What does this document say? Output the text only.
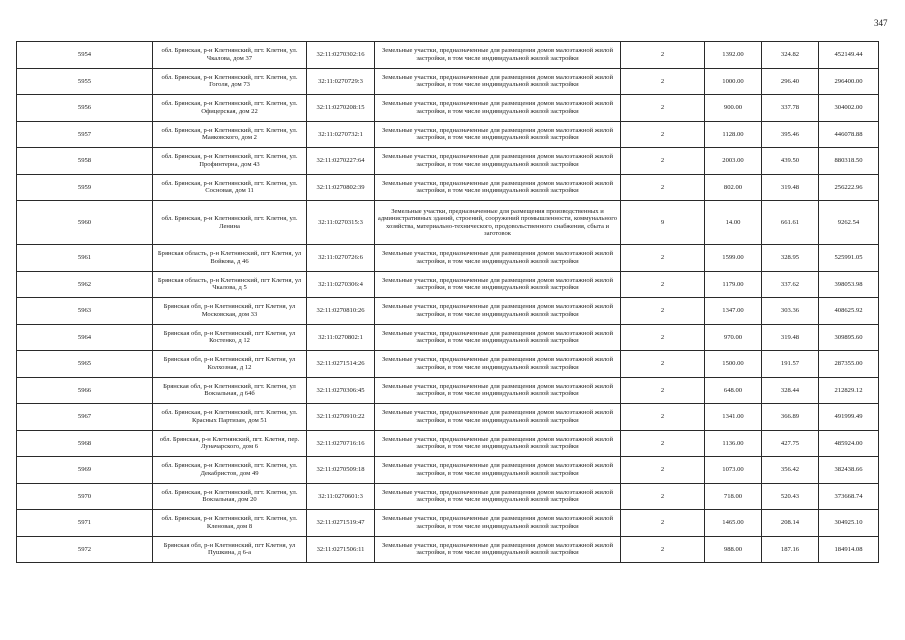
347
5954	обл. Брянская, р-н Клетнянский, пгт. Клетня, ул. Чкалова, дом 37	32:11:0270302:16	Земельные участки, предназначенные для размещения домов малоэтажной жилой застройки, в том числе индивидуальной жилой застройки	2	1392.00	324.82	452149.44
5955	обл. Брянская, р-н Клетнянский, пгт. Клетня, ул. Гоголя, дом 73	32:11:0270729:3	Земельные участки, предназначенные для размещения домов малоэтажной жилой застройки, в том числе индивидуальной жилой застройки	2	1000.00	296.40	296400.00
5956	обл. Брянская, р-н Клетнянский, пгт. Клетня, ул. Офицерская, дом 22	32:11:0270208:15	Земельные участки, предназначенные для размещения домов малоэтажной жилой застройки, в том числе индивидуальной жилой застройки	2	900.00	337.78	304002.00
5957	обл. Брянская, р-н Клетнянский, пгт. Клетня, ул. Маяковского, дом 2	32:11:0270732:1	Земельные участки, предназначенные для размещения домов малоэтажной жилой застройки, в том числе индивидуальной жилой застройки	2	1128.00	395.46	446078.88
5958	обл. Брянская, р-н Клетнянский, пгт. Клетня, ул. Профинтерна, дом 43	32:11:0270227:64	Земельные участки, предназначенные для размещения домов малоэтажной жилой застройки, в том числе индивидуальной жилой застройки	2	2003.00	439.50	880318.50
5959	обл. Брянская, р-н Клетнянский, пгт. Клетня, ул. Сосновая, дом 11	32:11:0270802:39	Земельные участки, предназначенные для размещения домов малоэтажной жилой застройки, в том числе индивидуальной жилой застройки	2	802.00	319.48	256222.96
5960	обл. Брянская, р-н Клетнянский, пгт. Клетня, ул. Ленина	32:11:0270315:3	Земельные участки, предназначенные для размещения производственных и административных зданий, строений, сооружений промышленности, коммунального хозяйства, материально-технического, продовольственного снабжения, сбыта и заготовок	9	14.00	661.61	9262.54
5961	Брянская область, р-н Клетнянский, пгт Клетня, ул Войкова, д 46	32:11:0270726:6	Земельные участки, предназначенные для размещения домов малоэтажной жилой застройки, в том числе индивидуальной жилой застройки	2	1599.00	328.95	525991.05
5962	Брянская область, р-н Клетнянский, пгт Клетня, ул Чкалова, д 5	32:11:0270306:4	Земельные участки, предназначенные для размещения домов малоэтажной жилой застройки, в том числе индивидуальной жилой застройки	2	1179.00	337.62	398053.98
5963	Брянская обл, р-н Клетнянский, пгт Клетня, ул Московская, дом 33	32:11:0270810:26	Земельные участки, предназначенные для размещения домов малоэтажной жилой застройки, в том числе индивидуальной жилой застройки	2	1347.00	303.36	408625.92
5964	Брянская обл, р-н Клетнянский, пгт Клетня, ул Костенко, д 12	32:11:0270802:1	Земельные участки, предназначенные для размещения домов малоэтажной жилой застройки, в том числе индивидуальной жилой застройки	2	970.00	319.48	309895.60
5965	Брянская обл, р-н Клетнянский, пгт Клетня, ул Колхозная, д 12	32:11:0271514:26	Земельные участки, предназначенные для размещения домов малоэтажной жилой застройки, в том числе индивидуальной жилой застройки	2	1500.00	191.57	287355.00
5966	Брянская обл, р-н Клетнянский, пгт. Клетня, ул Вокзальная, д 64б	32:11:0270306:45	Земельные участки, предназначенные для размещения домов малоэтажной жилой застройки, в том числе индивидуальной жилой застройки	2	648.00	328.44	212829.12
5967	обл. Брянская, р-н Клетнянский, пгт. Клетня, ул. Красных Партизан, дом 51	32:11:0270910:22	Земельные участки, предназначенные для размещения домов малоэтажной жилой застройки, в том числе индивидуальной жилой застройки	2	1341.00	366.89	491999.49
5968	обл. Брянская, р-н Клетнянский, пгт. Клетня, пер. Луначарского, дом 6	32:11:0270716:16	Земельные участки, предназначенные для размещения домов малоэтажной жилой застройки, в том числе индивидуальной жилой застройки	2	1136.00	427.75	485924.00
5969	обл. Брянская, р-н Клетнянский, пгт. Клетня, ул. Декабристов, дом 49	32:11:0270509:18	Земельные участки, предназначенные для размещения домов малоэтажной жилой застройки, в том числе индивидуальной жилой застройки	2	1073.00	356.42	382438.66
5970	обл. Брянская, р-н Клетнянский, пгт. Клетня, ул. Вокзальная, дом 20	32:11:0270601:3	Земельные участки, предназначенные для размещения домов малоэтажной жилой застройки, в том числе индивидуальной жилой застройки	2	718.00	520.43	373668.74
5971	обл. Брянская, р-н Клетнянский, пгт. Клетня, ул. Кленовая, дом 8	32:11:0271519:47	Земельные участки, предназначенные для размещения домов малоэтажной жилой застройки, в том числе индивидуальной жилой застройки	2	1465.00	208.14	304925.10
5972	Брянская обл, р-н Клетнянский, пгт Клетня, ул Пушкина, д 6-а	32:11:0271506:11	Земельные участки, предназначенные для размещения домов малоэтажной жилой застройки, в том числе индивидуальной жилой застройки	2	988.00	187.16	184914.08
